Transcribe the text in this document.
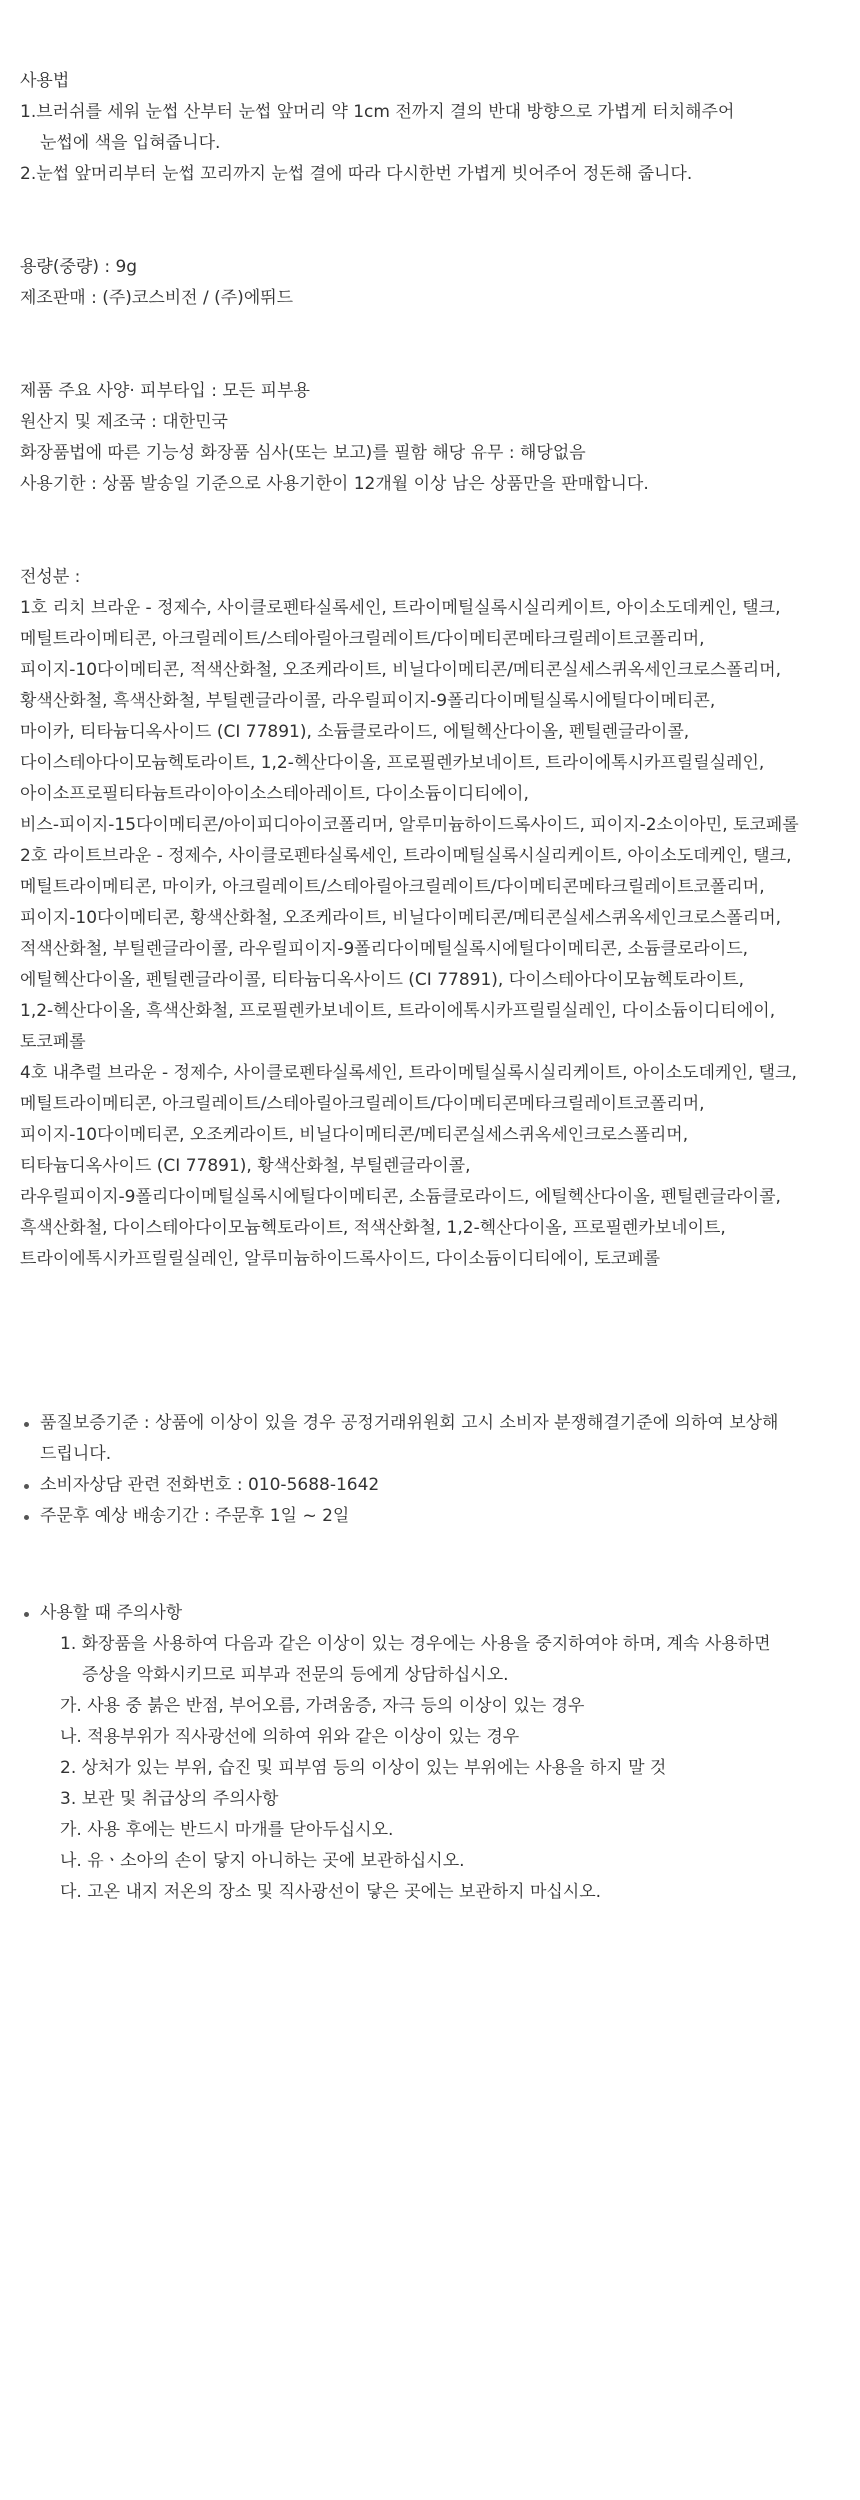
사용법
1.브러쉬를 세워 눈썹 산부터 눈썹 앞머리 약 1cm 전까지 결의 반대 방향으로 가볍게 터치해주어
눈썹에 색을 입혀줍니다.
2.눈썹 앞머리부터 눈썹 꼬리까지 눈썹 결에 따라 다시한번 가볍게 빗어주어 정돈해 줍니다.
용량(중량) : 9g
제조판매 : (주)코스비전 / (주)에뛰드
제품 주요 사양· 피부타입 : 모든 피부용
원산지 및 제조국 : 대한민국
화장품법에 따른 기능성 화장품 심사(또는 보고)를 필함 해당 유무 : 해당없음
사용기한 : 상품 발송일 기준으로 사용기한이 12개월 이상 남은 상품만을 판매합니다.
전성분 :
1호 리치 브라운 - 정제수, 사이클로펜타실록세인, 트라이메틸실록시실리케이트, 아이소도데케인, 탤크,
메틸트라이메티콘, 아크릴레이트/스테아릴아크릴레이트/다이메티콘메타크릴레이트코폴리머,
피이지-10다이메티콘, 적색산화철, 오조케라이트, 비닐다이메티콘/메티콘실세스퀴옥세인크로스폴리머,
황색산화철, 흑색산화철, 부틸렌글라이콜, 라우릴피이지-9폴리다이메틸실록시에틸다이메티콘,
마이카, 티타늄디옥사이드 (CI 77891), 소듐클로라이드, 에틸헥산다이올, 펜틸렌글라이콜,
다이스테아다이모늄헥토라이트, 1,2-헥산다이올, 프로필렌카보네이트, 트라이에톡시카프릴릴실레인,
아이소프로필티타늄트라이아이소스테아레이트, 다이소듐이디티에이,
비스-피이지-15다이메티콘/아이피디아이코폴리머, 알루미늄하이드록사이드, 피이지-2소이아민, 토코페롤
2호 라이트브라운 - 정제수, 사이클로펜타실록세인, 트라이메틸실록시실리케이트, 아이소도데케인, 탤크,
메틸트라이메티콘, 마이카, 아크릴레이트/스테아릴아크릴레이트/다이메티콘메타크릴레이트코폴리머,
피이지-10다이메티콘, 황색산화철, 오조케라이트, 비닐다이메티콘/메티콘실세스퀴옥세인크로스폴리머,
적색산화철, 부틸렌글라이콜, 라우릴피이지-9폴리다이메틸실록시에틸다이메티콘, 소듐클로라이드,
에틸헥산다이올, 펜틸렌글라이콜, 티타늄디옥사이드 (CI 77891), 다이스테아다이모늄헥토라이트,
1,2-헥산다이올, 흑색산화철, 프로필렌카보네이트, 트라이에톡시카프릴릴실레인, 다이소듐이디티에이,
토코페롤
4호 내추럴 브라운 - 정제수, 사이클로펜타실록세인, 트라이메틸실록시실리케이트, 아이소도데케인, 탤크,
메틸트라이메티콘, 아크릴레이트/스테아릴아크릴레이트/다이메티콘메타크릴레이트코폴리머,
피이지-10다이메티콘, 오조케라이트, 비닐다이메티콘/메티콘실세스퀴옥세인크로스폴리머,
티타늄디옥사이드 (CI 77891), 황색산화철, 부틸렌글라이콜,
라우릴피이지-9폴리다이메틸실록시에틸다이메티콘, 소듐클로라이드, 에틸헥산다이올, 펜틸렌글라이콜,
흑색산화철, 다이스테아다이모늄헥토라이트, 적색산화철, 1,2-헥산다이올, 프로필렌카보네이트,
트라이에톡시카프릴릴실레인, 알루미늄하이드록사이드, 다이소듐이디티에이, 토코페롤
품질보증기준 : 상품에 이상이 있을 경우 공정거래위원회 고시 소비자 분쟁해결기준에 의하여 보상해
드립니다.
소비자상담 관련 전화번호 : 010-5688-1642
주문후 예상 배송기간 : 주문후 1일 ~ 2일
사용할 때 주의사항
1. 화장품을 사용하여 다음과 같은 이상이 있는 경우에는 사용을 중지하여야 하며, 계속 사용하면
증상을 악화시키므로 피부과 전문의 등에게 상담하십시오.
가. 사용 중 붉은 반점, 부어오름, 가려움증, 자극 등의 이상이 있는 경우
나. 적용부위가 직사광선에 의하여 위와 같은 이상이 있는 경우
2. 상처가 있는 부위, 습진 및 피부염 등의 이상이 있는 부위에는 사용을 하지 말 것
3. 보관 및 취급상의 주의사항
가. 사용 후에는 반드시 마개를 닫아두십시오.
나. 유ㆍ소아의 손이 닿지 아니하는 곳에 보관하십시오.
다. 고온 내지 저온의 장소 및 직사광선이 닿은 곳에는 보관하지 마십시오.
